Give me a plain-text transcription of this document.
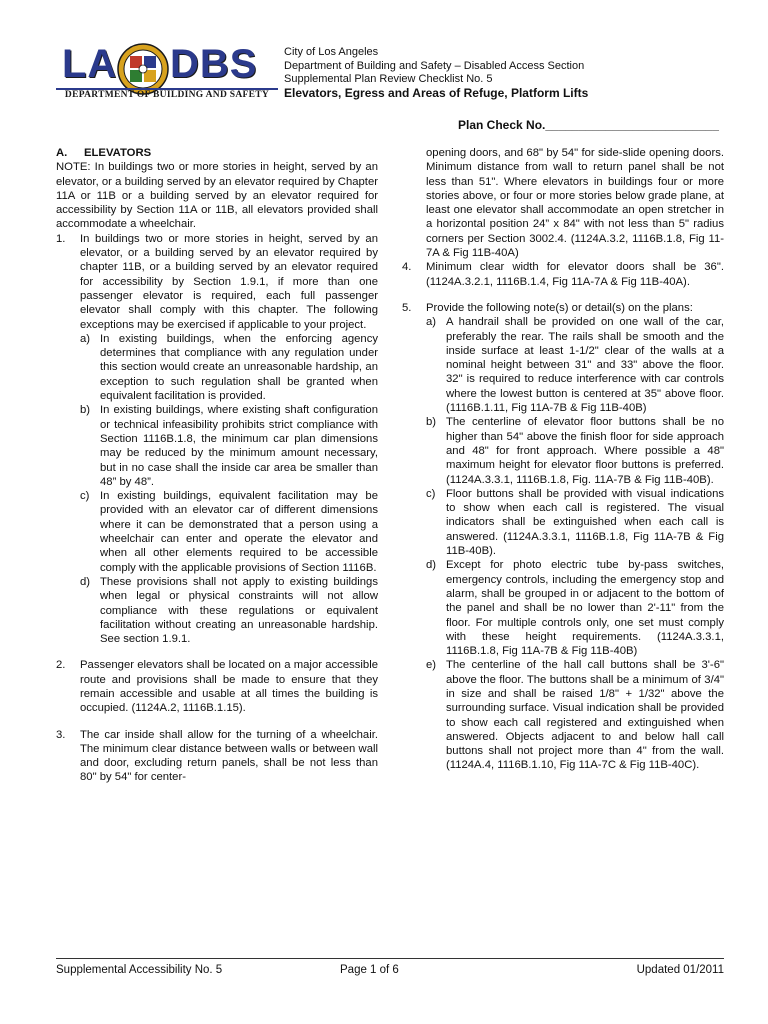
LA DBS
DEPARTMENT OF BUILDING AND SAFETY
City of Los Angeles
Department of Building and Safety – Disabled Access Section
Supplemental Plan Review Checklist No. 5
Elevators, Egress and Areas of Refuge, Platform Lifts
Plan Check No.__________________________

A. ELEVATORS

NOTE: In buildings two or more stories in height, served by an elevator, or a building served by an elevator required by Chapter 11A or 11B or a building served by an elevator required for accessibility by Section 11A or 11B, all elevators provided shall accommodate a wheelchair.

1.	In buildings two or more stories in height, served by an elevator, or a building served by an elevator required by chapter 11B, or a building served by an elevator required for accessibility by Section 1.9.1, if more than one passenger elevator is required, each full passenger elevator shall comply with this chapter. The following exceptions may be exercised if applicable to your project.

a) In existing buildings, when the enforcing agency determines that compliance with any regulation under this section would create an unreasonable hardship, an exception to such regulation shall be granted when equivalent facilitation is provided.

b) In existing buildings, where existing shaft configuration or technical infeasibility prohibits strict compliance with Section 1116B.1.8, the minimum car plan dimensions may be reduced by the minimum amount necessary, but in no case shall the inside car area be smaller than 48” by 48”.

c) In existing buildings, equivalent facilitation may be provided with an elevator car of different dimensions where it can be demonstrated that a person using a wheelchair can enter and operate the elevator and when all other elements required to be accessible comply with the applicable provisions of Section 1116B.

d) These provisions shall not apply to existing buildings when legal or physical constraints will not allow compliance with these regulations or equivalent facilitation without creating an unreasonable hardship. See section 1.9.1.

2.	Passenger elevators shall be located on a major accessible route and provisions shall be made to ensure that they remain accessible and usable at all times the building is occupied. (1124A.2, 1116B.1.15).

3.	The car inside shall allow for the turning of a wheelchair. The minimum clear distance between walls or between wall and door, excluding return panels, shall be not less than 80" by 54" for center-

opening doors, and 68" by 54" for side-slide opening doors. Minimum distance from wall to return panel shall be not less than 51". Where elevators in buildings four or more stories above, or four or more stories below grade plane, at least one elevator shall accommodate an open stretcher in a horizontal position 24” x 84" with not less than 5" radius corners per Section 3002.4. (1124A.3.2, 1116B.1.8, Fig 11-7A & Fig 11B-40A)

4.	Minimum clear width for elevator doors shall be 36". (1124A.3.2.1, 1116B.1.4, Fig 11A-7A & Fig 11B-40A).

5.	Provide the following note(s) or detail(s) on the plans:

a) A handrail shall be provided on one wall of the car, preferably the rear. The rails shall be smooth and the inside surface at least 1-1/2" clear of the walls at a nominal height between 31" and 33" above the floor. 32" is required to reduce interference with car controls where the lowest button is centered at 35" above floor. (1116B.1.11, Fig 11A-7B & Fig 11B-40B)

b) The centerline of elevator floor buttons shall be no higher than 54" above the finish floor for side approach and 48" for front approach. Where possible a 48" maximum height for elevator floor buttons is preferred. (1124A.3.3.1, 1116B.1.8, Fig. 11A-7B & Fig 11B-40B).

c) Floor buttons shall be provided with visual indications to show when each call is registered. The visual indicators shall be extinguished when each call is answered. (1124A.3.3.1, 1116B.1.8, Fig 11A-7B & Fig 11B-40B).

d) Except for photo electric tube by-pass switches, emergency controls, including the emergency stop and alarm, shall be grouped in or adjacent to the bottom of the panel and shall be no lower than 2'-11" from the floor. For multiple controls only, one set must comply with these height requirements. (1124A.3.3.1, 1116B.1.8, Fig 11A-7B & Fig 11B-40B)

e) The centerline of the hall call buttons shall be 3'-6" above the floor. The buttons shall be a minimum of 3/4" in size and shall be raised 1/8" + 1/32" above the surrounding surface. Visual indication shall be provided to show each call registered and extinguished when answered. Objects adjacent to and below hall call buttons shall not project more than 4" from the wall. (1124A.4, 1116B.1.10, Fig 11A-7C & Fig 11B-40C).

Supplemental Accessibility No. 5	Page 1 of 6	Updated 01/2011
